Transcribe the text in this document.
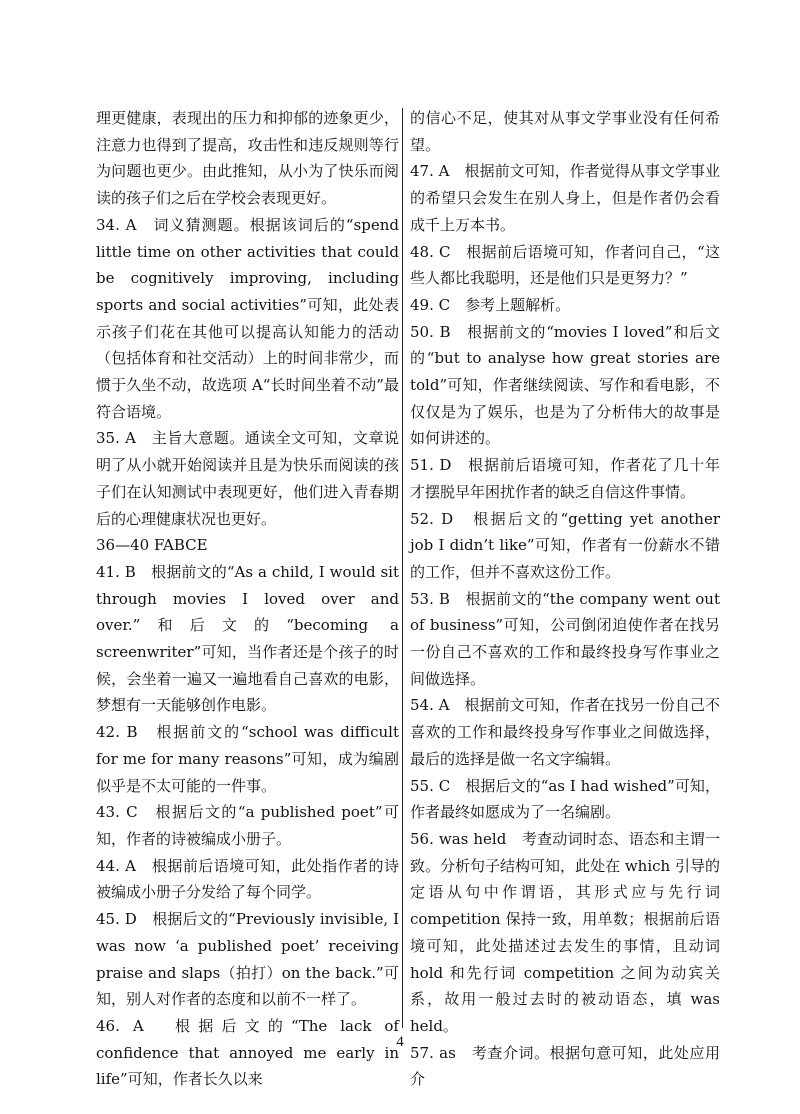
理更健康，表现出的压力和抑郁的迹象更少，注意力也得到了提高，攻击性和违反规则等行为问题也更少。由此推知，从小为了快乐而阅读的孩子们之后在学校会表现更好。

34. A　词义猜测题。根据该词后的“spend little time on other activities that could be cognitively improving, including sports and social activities”可知，此处表示孩子们花在其他可以提高认知能力的活动（包括体育和社交活动）上的时间非常少，而惯于久坐不动，故选项 A“长时间坐着不动”最符合语境。

35. A　主旨大意题。通读全文可知，文章说明了从小就开始阅读并且是为快乐而阅读的孩子们在认知测试中表现更好，他们进入青春期后的心理健康状况也更好。

36—40 FABCE

41. B　根据前文的“As a child, I would sit through movies I loved over and over.”和后文的“becoming a screenwriter”可知，当作者还是个孩子的时候，会坐着一遍又一遍地看自己喜欢的电影，梦想有一天能够创作电影。

42. B　根据前文的“school was difficult for me for many reasons”可知，成为编剧似乎是不太可能的一件事。

43. C　根据后文的“a published poet”可知，作者的诗被编成小册子。

44. A　根据前后语境可知，此处指作者的诗被编成小册子分发给了每个同学。

45. D　根据后文的“Previously invisible, I was now ‘a published poet’ receiving praise and slaps（拍打）on the back.”可知，别人对作者的态度和以前不一样了。

46. A　根据后文的“The lack of confidence that annoyed me early in life”可知，作者长久以来

的信心不足，使其对从事文学事业没有任何希望。

47. A　根据前文可知，作者觉得从事文学事业的希望只会发生在别人身上，但是作者仍会看成千上万本书。

48. C　根据前后语境可知，作者问自己，“这些人都比我聪明，还是他们只是更努力？”

49. C　参考上题解析。

50. B　根据前文的“movies I loved”和后文的“but to analyse how great stories are told”可知，作者继续阅读、写作和看电影，不仅仅是为了娱乐，也是为了分析伟大的故事是如何讲述的。

51. D　根据前后语境可知，作者花了几十年才摆脱早年困扰作者的缺乏自信这件事情。

52. D　根据后文的“getting yet another job I didn’t like”可知，作者有一份薪水不错的工作，但并不喜欢这份工作。

53. B　根据前文的“the company went out of business”可知，公司倒闭迫使作者在找另一份自己不喜欢的工作和最终投身写作事业之间做选择。

54. A　根据前文可知，作者在找另一份自己不喜欢的工作和最终投身写作事业之间做选择，最后的选择是做一名文字编辑。

55. C　根据后文的“as I had wished”可知，作者最终如愿成为了一名编剧。

56. was held　考查动词时态、语态和主谓一致。分析句子结构可知，此处在 which 引导的定语从句中作谓语，其形式应与先行词 competition 保持一致，用单数；根据前后语境可知，此处描述过去发生的事情，且动词 hold 和先行词 competition 之间为动宾关系，故用一般过去时的被动语态，填 was held。

57. as　考查介词。根据句意可知，此处应用介

4
